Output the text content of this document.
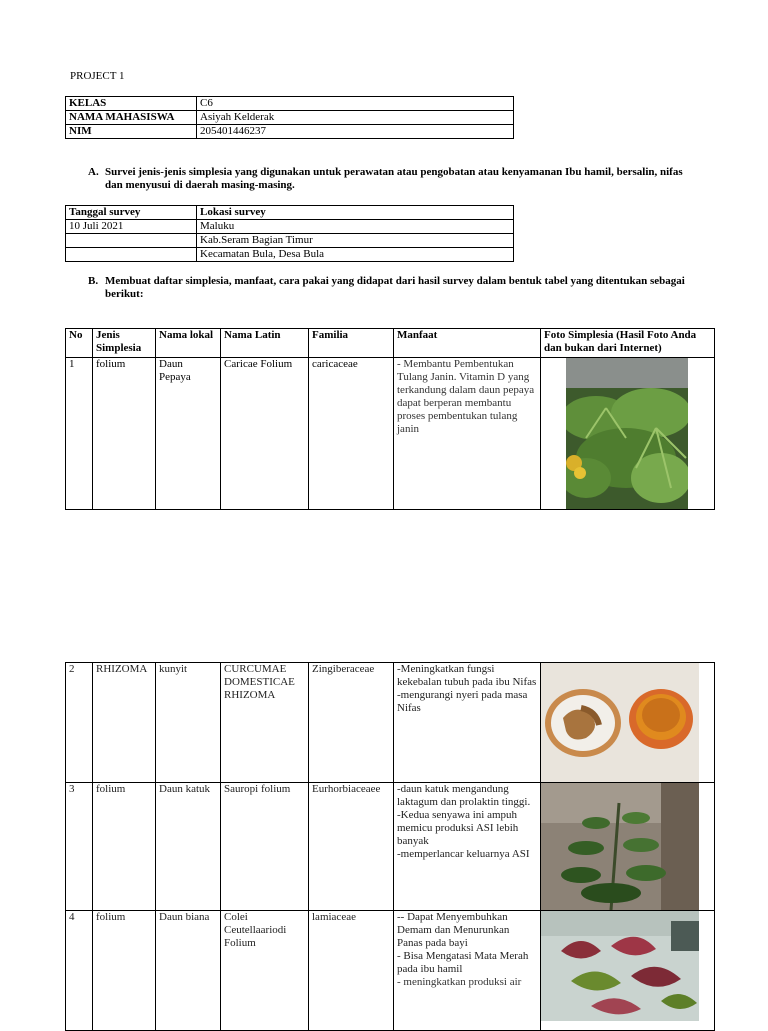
PROJECT 1
KELAS	C6
NAMA MAHASISWA	Asiyah Kelderak
NIM	205401446237
A. Survei jenis-jenis simplesia yang digunakan untuk perawatan atau pengobatan atau kenyamanan Ibu hamil, bersalin, nifas dan menyusui di daerah masing-masing.
Tanggal survey	Lokasi survey
10 Juli 2021	Maluku
	Kab.Seram Bagian Timur
	Kecamatan Bula, Desa Bula
B. Membuat daftar simplesia, manfaat, cara pakai yang didapat dari hasil survey dalam bentuk tabel yang ditentukan sebagai berikut:
No	Jenis Simplesia	Nama lokal	Nama Latin	Familia	Manfaat	Foto Simplesia (Hasil Foto Anda dan bukan dari Internet)
1	folium	Daun Pepaya	Caricae Folium	caricaceae	- Membantu Pembentukan Tulang Janin. Vitamin D yang terkandung dalam daun pepaya dapat berperan membantu proses pembentukan tulang janin

2	RHIZOMA	kunyit	CURCUMAE DOMESTICAE RHIZOMA	Zingiberaceae	-Meningkatkan fungsi kekebalan tubuh pada ibu Nifas
-mengurangi nyeri pada masa Nifas

3	folium	Daun katuk	Sauropi folium	Eurhorbiaceaee	-daun katuk mengandung laktagum dan prolaktin tinggi.
-Kedua senyawa ini ampuh memicu produksi ASI lebih banyak
-memperlancar keluarnya ASI

4	folium	Daun biana	Colei Ceutellaariodi Folium	lamiaceae	-- Dapat Menyembuhkan Demam dan Menurunkan Panas pada bayi
- Bisa Mengatasi Mata Merah pada ibu hamil
- meningkatkan produksi air
